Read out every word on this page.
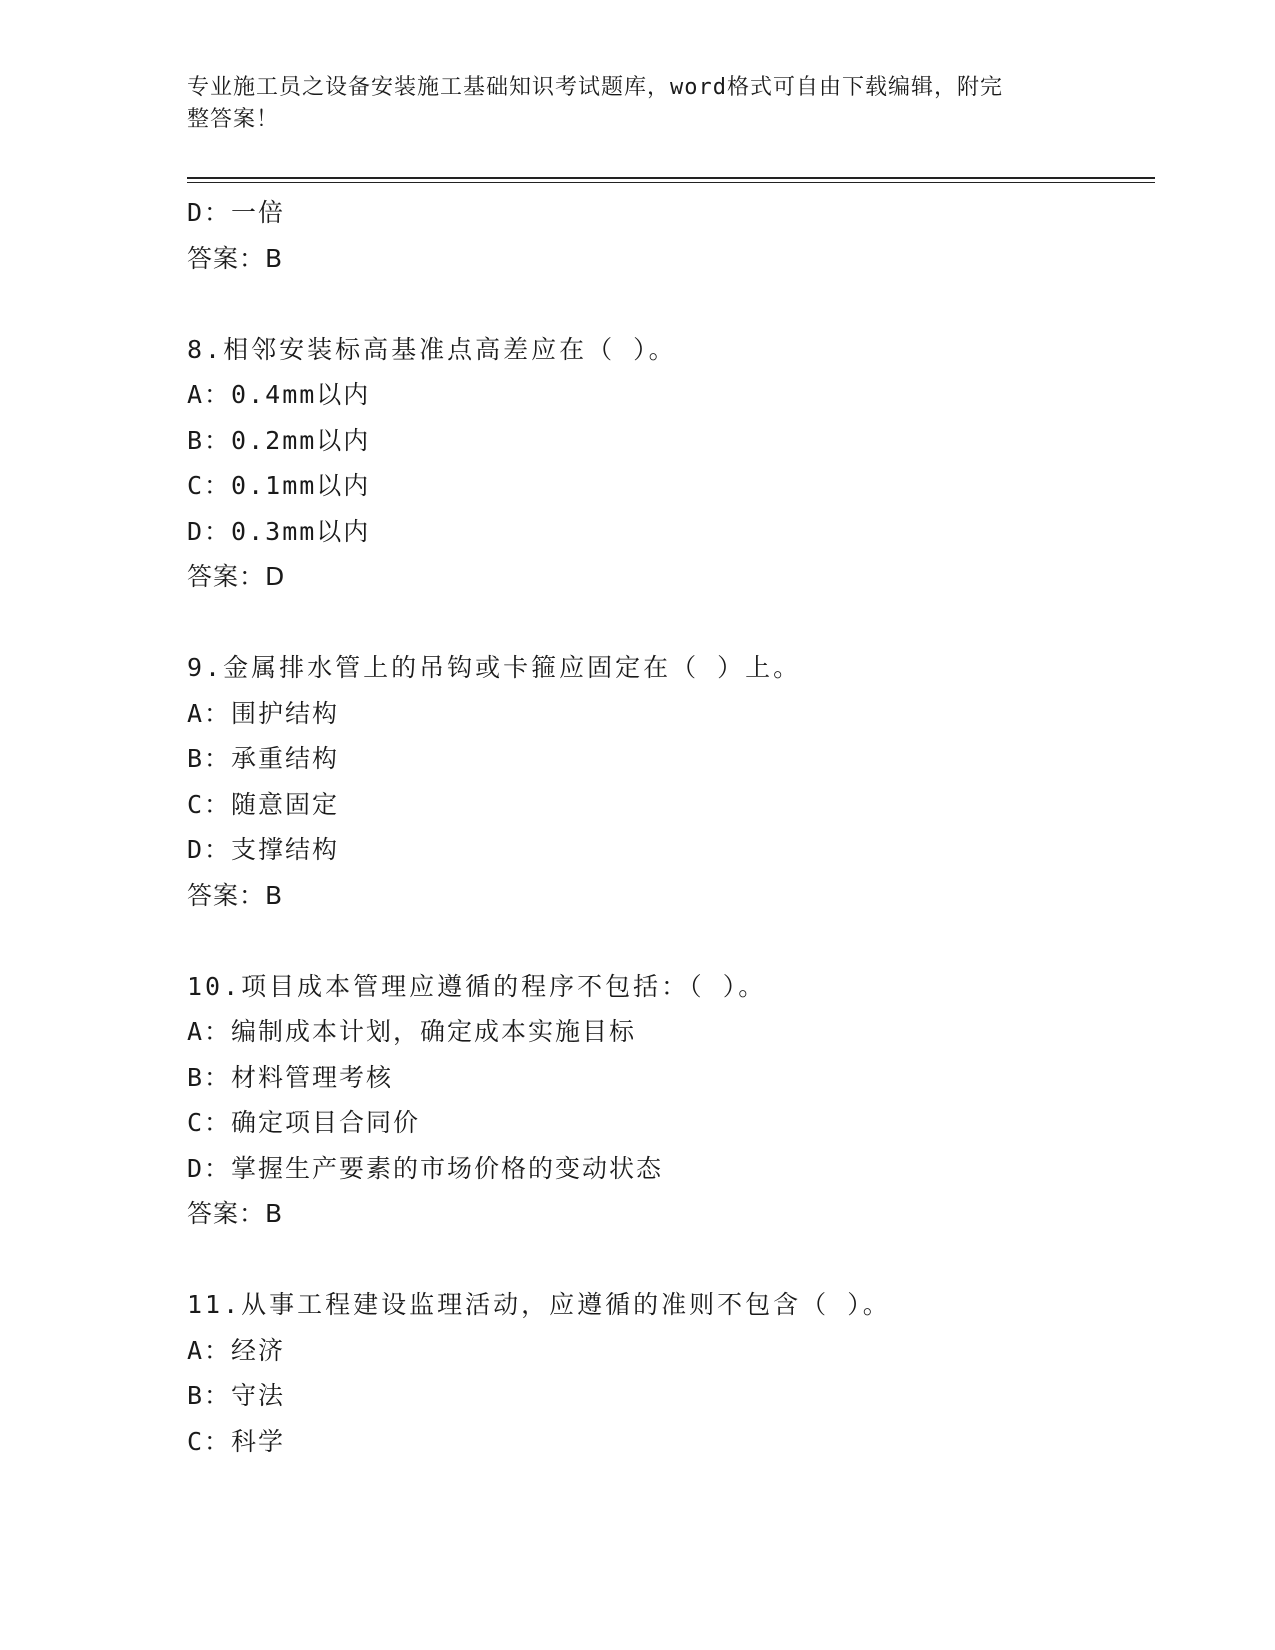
专业施工员之设备安装施工基础知识考试题库，word格式可自由下载编辑，附完
整答案！
D：一倍
答案：B
8.相邻安装标高基准点高差应在（ ）。
A：0.4mm以内
B：0.2mm以内
C：0.1mm以内
D：0.3mm以内
答案：D
9.金属排水管上的吊钩或卡箍应固定在（ ）上。
A：围护结构
B：承重结构
C：随意固定
D：支撑结构
答案：B
10.项目成本管理应遵循的程序不包括：（ ）。
A：编制成本计划，确定成本实施目标
B：材料管理考核
C：确定项目合同价
D：掌握生产要素的市场价格的变动状态
答案：B
11.从事工程建设监理活动，应遵循的准则不包含（ ）。
A：经济
B：守法
C：科学
